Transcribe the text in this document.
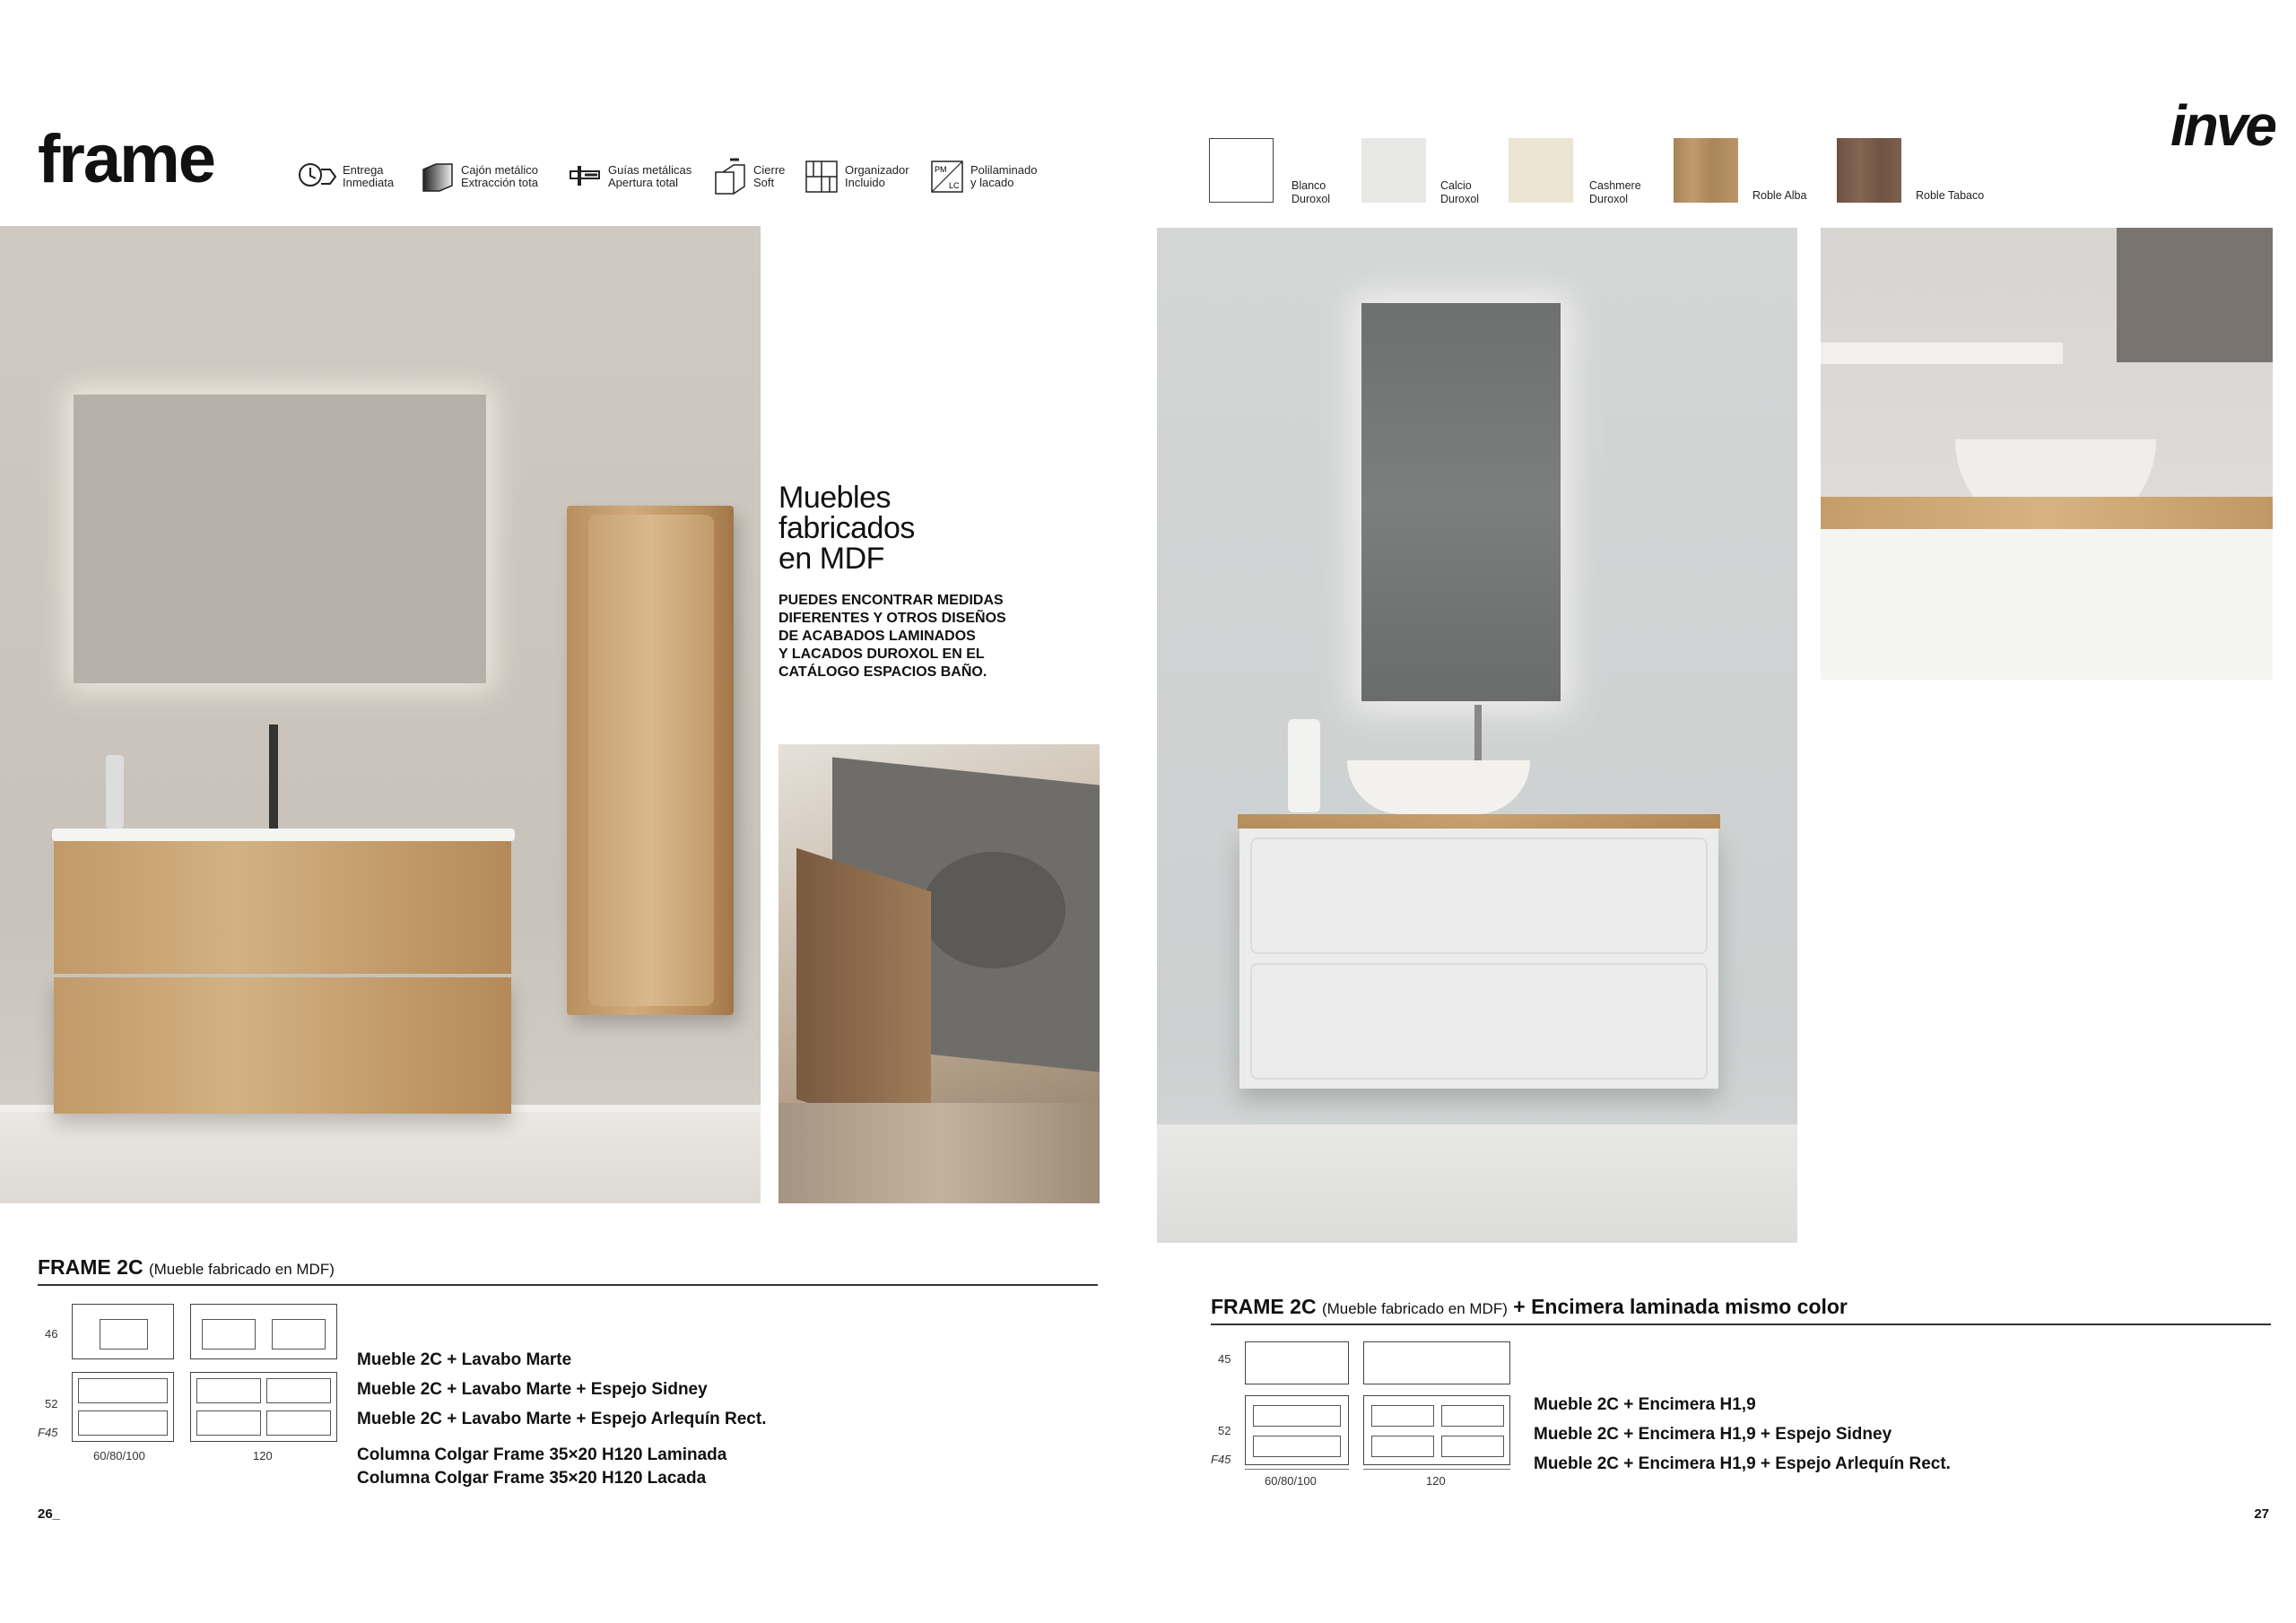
frame	Entrega
Inmediata
Cajón metálico
Extracción tota
Guías metálicas
Apertura total
Cierre
Soft
Organizador
Incluido
PM
LC
Polilaminado
y lacado	Blanco
Duroxol
Calcio
Duroxol
Cashmere
Duroxol	Roble Alba	Roble Tabaco
inve
Muebles
fabricados
en MDF
PUEDES ENCONTRAR MEDIDAS
DIFERENTES Y OTROS DISEÑOS
DE ACABADOS LAMINADOS
Y LACADOS DUROXOL EN EL
CATÁLOGO ESPACIOS BAÑO.
FRAME 2C (Mueble fabricado en MDF)
46
52
F45
60/80/100	120
Mueble 2C + Lavabo Marte
Mueble 2C + Lavabo Marte + Espejo Sidney
Mueble 2C + Lavabo Marte + Espejo Arlequín Rect.
Columna Colgar Frame 35×20 H120 Laminada
Columna Colgar Frame 35×20 H120 Lacada
FRAME 2C (Mueble fabricado en MDF) + Encimera laminada mismo color
45
52
F45
60/80/100	120
Mueble 2C + Encimera H1,9
Mueble 2C + Encimera H1,9 + Espejo Sidney
Mueble 2C + Encimera H1,9 + Espejo Arlequín Rect.
26_	27
